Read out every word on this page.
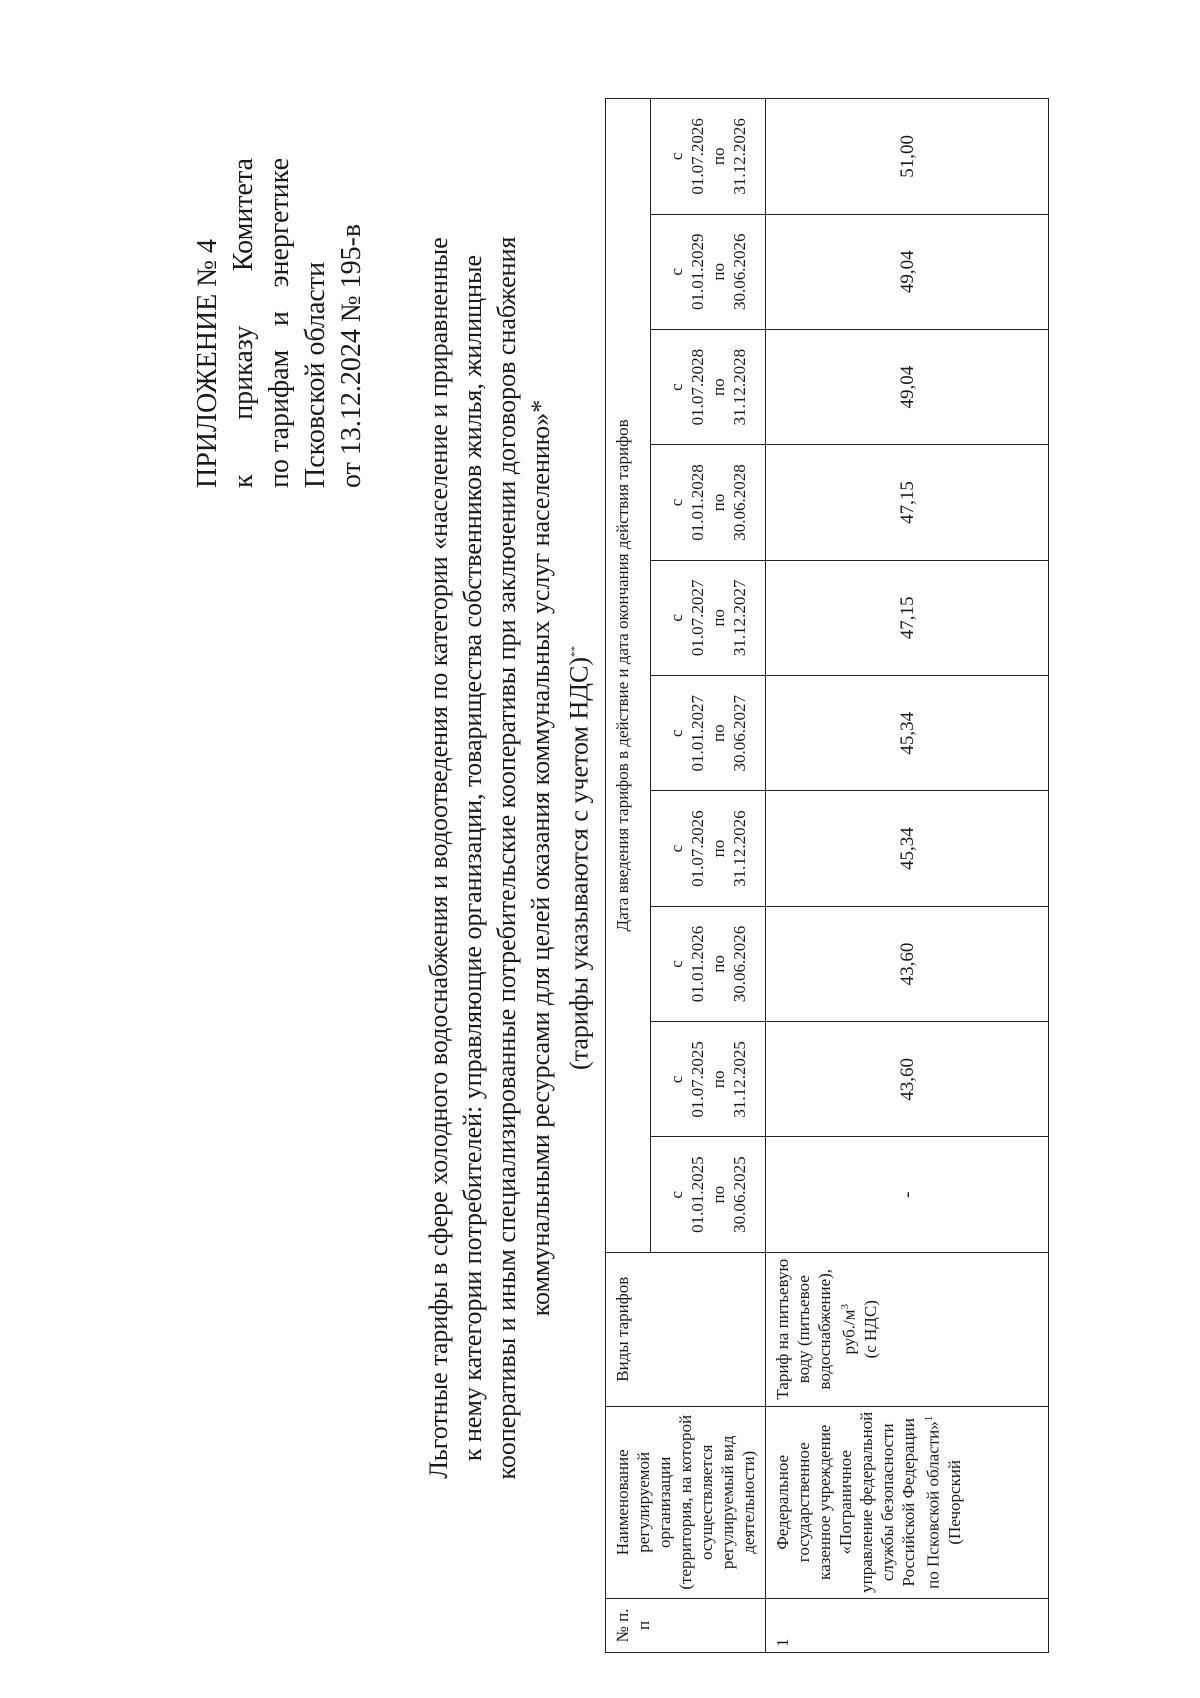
ПРИЛОЖЕНИЕ № 4 к
приказу
Комитета
по тарифам
и
энергетике
Псковской области от 13.12.2024 № 195-в Льготные тарифы в сфере холодного водоснабжения и водоотведения по категории «население и приравненные к нему категории потребителей: управляющие организации, товарищества собственников жилья, жилищные кооперативы и иным специализированные потребительские кооперативы при заключении договоров снабжения коммунальными ресурсами для целей оказания коммунальных услуг населению»* (тарифы указываются с учетом НДС)**

№ п. п	Наименование регулируемой организации (территория, на которой осуществляется регулируемый вид деятельности)	Виды тарифов	Дата введения тарифов в действие и дата окончания действия тарифов									

			с 01.01.2025 по 30.06.2025	с 01.07.2025 по 31.12.2025	с 01.01.2026 по 30.06.2026	с 01.07.2026 по 31.12.2026	с 01.01.2027 по 30.06.2027	с 01.07.2027 по 31.12.2027	с 01.01.2028 по 30.06.2028	с 01.07.2028 по 31.12.2028	с 01.01.2029 по 30.06.2026	с 01.07.2026 по 31.12.2026

1	Федеральное государственное казенное учреждение «Пограничное управление федеральной службы безопасности Российской Федерации по Псковской области»$^1$
(Печорский	Тариф на питьевую воду (питьевое водоснабжение), $руб./м^3$ (с НДС)	-	43,60	43,60	45,34	45,34	47,15	47,15	49,04	49,04	51,00
